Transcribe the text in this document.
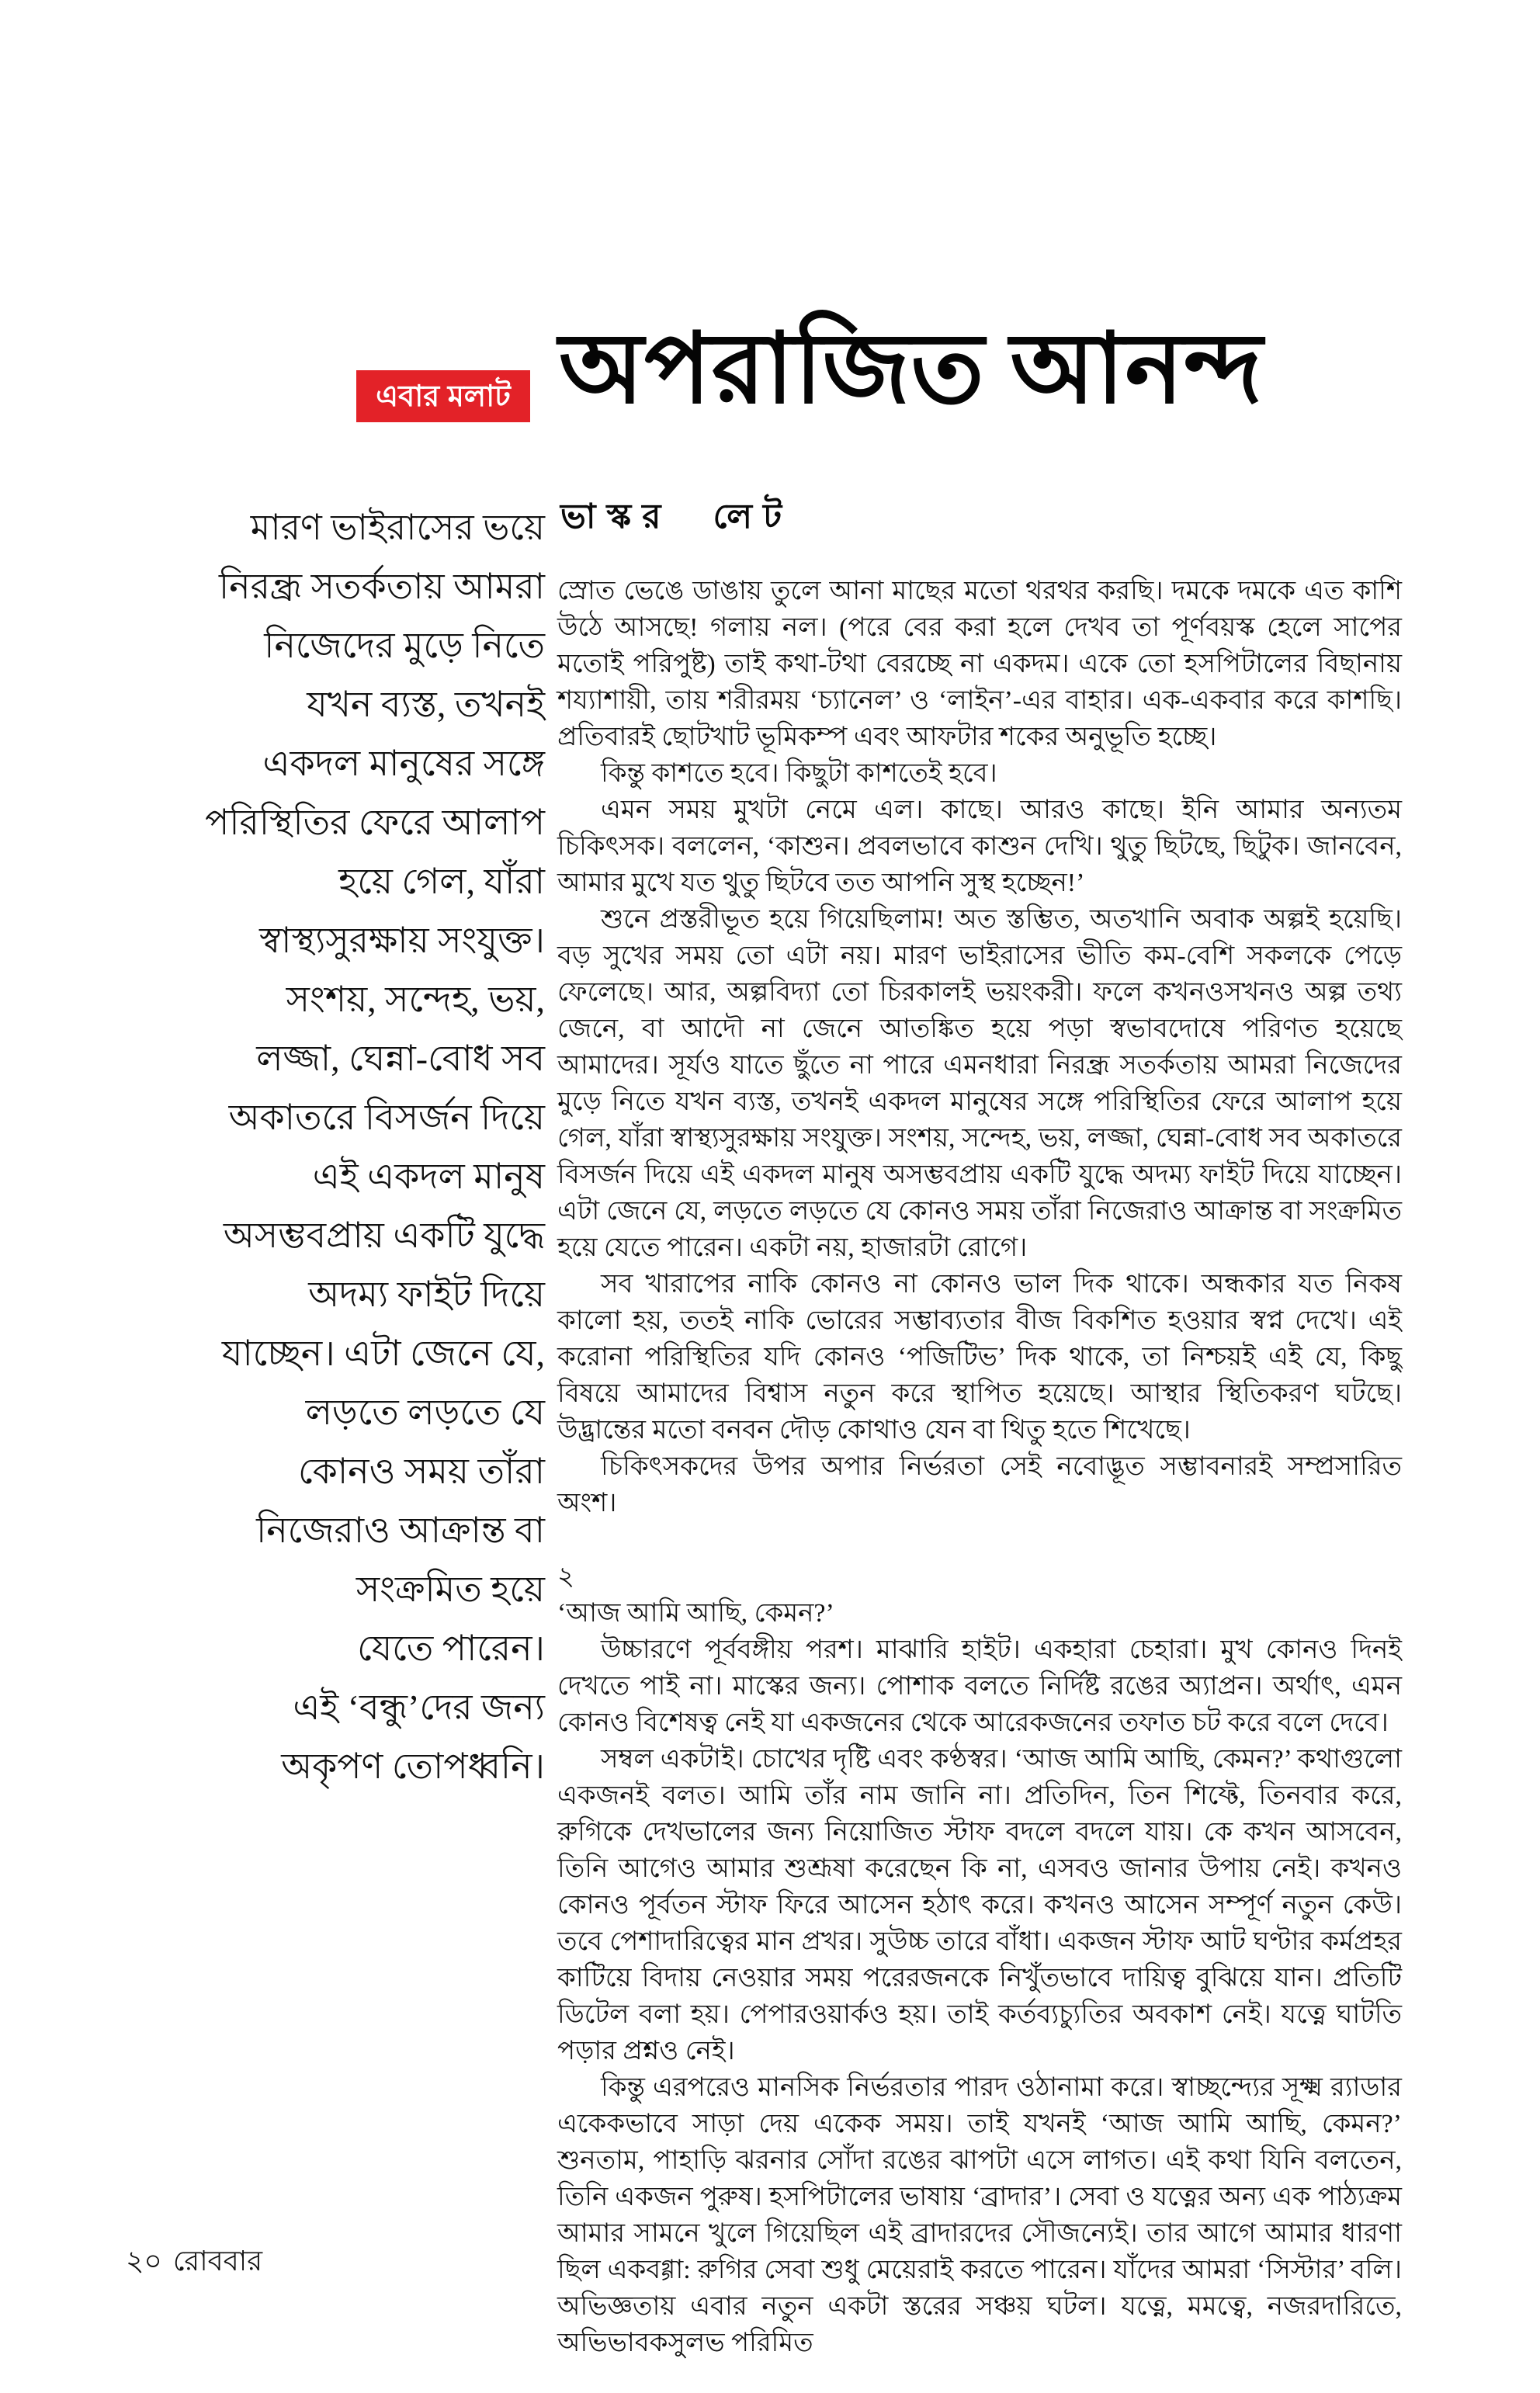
এবার মলাট অপরাজিত আনন্দ
ভাস্কর লেট
মারণ ভাইরাসের ভয়ে
নিরন্ধ্র সতর্কতায় আমরা
নিজেদের মুড়ে নিতে
যখন ব্যস্ত, তখনই
একদল মানুষের সঙ্গে
পরিস্থিতির ফেরে আলাপ
হয়ে গেল, যাঁরা
স্বাস্থ্যসুরক্ষায় সংযুক্ত।
সংশয়, সন্দেহ, ভয়,
লজ্জা, ঘেন্না-বোধ সব
অকাতরে বিসর্জন দিয়ে
এই একদল মানুষ
অসম্ভবপ্রায় একটি যুদ্ধে
অদম্য ফাইট দিয়ে
যাচ্ছেন। এটা জেনে যে,
লড়তে লড়তে যে
কোনও সময় তাঁরা
নিজেরাও আক্রান্ত বা
সংক্রমিত হয়ে
যেতে পারেন।
এই ‘বন্ধু’দের জন্য
অকৃপণ তোপধ্বনি।

স্রোত ভেঙে ডাঙায় তুলে আনা মাছের মতো থরথর করছি। দমকে দমকে এত কাশি উঠে আসছে! গলায় নল। (পরে বের করা হলে দেখব তা পূর্ণবয়স্ক হেলে সাপের মতোই পরিপুষ্ট) তাই কথা-টথা বেরচ্ছে না একদম। একে তো হসপিটালের বিছানায় শয্যাশায়ী, তায় শরীরময় ‘চ্যানেল’ ও ‘লাইন’-এর বাহার। এক-একবার করে কাশছি। প্রতিবারই ছোটখাট ভূমিকম্প এবং আফটার শকের অনুভূতি হচ্ছে।

কিন্তু কাশতে হবে। কিছুটা কাশতেই হবে।

এমন সময় মুখটা নেমে এল। কাছে। আরও কাছে। ইনি আমার অন্যতম চিকিৎসক। বললেন, ‘কাশুন। প্রবলভাবে কাশুন দেখি। থুতু ছিটছে, ছিটুক। জানবেন, আমার মুখে যত থুতু ছিটবে তত আপনি সুস্থ হচ্ছেন!’

শুনে প্রস্তরীভূত হয়ে গিয়েছিলাম! অত স্তম্ভিত, অতখানি অবাক অল্পই হয়েছি। বড় সুখের সময় তো এটা নয়। মারণ ভাইরাসের ভীতি কম-বেশি সকলকে পেড়ে ফেলেছে। আর, অল্পবিদ্যা তো চিরকালই ভয়ংকরী। ফলে কখনওসখনও অল্প তথ্য জেনে, বা আদৌ না জেনে আতঙ্কিত হয়ে পড়া স্বভাবদোষে পরিণত হয়েছে আমাদের। সূর্যও যাতে ছুঁতে না পারে এমনধারা নিরন্ধ্র সতর্কতায় আমরা নিজেদের মুড়ে নিতে যখন ব্যস্ত, তখনই একদল মানুষের সঙ্গে পরিস্থিতির ফেরে আলাপ হয়ে গেল, যাঁরা স্বাস্থ্যসুরক্ষায় সংযুক্ত। সংশয়, সন্দেহ, ভয়, লজ্জা, ঘেন্না-বোধ সব অকাতরে বিসর্জন দিয়ে এই একদল মানুষ অসম্ভবপ্রায় একটি যুদ্ধে অদম্য ফাইট দিয়ে যাচ্ছেন। এটা জেনে যে, লড়তে লড়তে যে কোনও সময় তাঁরা নিজেরাও আক্রান্ত বা সংক্রমিত হয়ে যেতে পারেন। একটা নয়, হাজারটা রোগে।

সব খারাপের নাকি কোনও না কোনও ভাল দিক থাকে। অন্ধকার যত নিকষ কালো হয়, ততই নাকি ভোরের সম্ভাব্যতার বীজ বিকশিত হওয়ার স্বপ্ন দেখে। এই করোনা পরিস্থিতির যদি কোনও ‘পজিটিভ’ দিক থাকে, তা নিশ্চয়ই এই যে, কিছু বিষয়ে আমাদের বিশ্বাস নতুন করে স্থাপিত হয়েছে। আস্থার স্থিতিকরণ ঘটছে। উদ্ভ্রান্তের মতো বনবন দৌড় কোথাও যেন বা থিতু হতে শিখেছে।

চিকিৎসকদের উপর অপার নির্ভরতা সেই নবোদ্ভূত সম্ভাবনারই সম্প্রসারিত অংশ।

২

‘আজ আমি আছি, কেমন?’

উচ্চারণে পূর্ববঙ্গীয় পরশ। মাঝারি হাইট। একহারা চেহারা। মুখ কোনও দিনই দেখতে পাই না। মাস্কের জন্য। পোশাক বলতে নির্দিষ্ট রঙের অ্যাপ্রন। অর্থাৎ, এমন কোনও বিশেষত্ব নেই যা একজনের থেকে আরেকজনের তফাত চট করে বলে দেবে।

সম্বল একটাই। চোখের দৃষ্টি এবং কণ্ঠস্বর। ‘আজ আমি আছি, কেমন?’ কথাগুলো একজনই বলত। আমি তাঁর নাম জানি না। প্রতিদিন, তিন শিফ্টে, তিনবার করে, রুগিকে দেখভালের জন্য নিয়োজিত স্টাফ বদলে বদলে যায়। কে কখন আসবেন, তিনি আগেও আমার শুশ্রূষা করেছেন কি না, এসবও জানার উপায় নেই। কখনও কোনও পূর্বতন স্টাফ ফিরে আসেন হঠাৎ করে। কখনও আসেন সম্পূর্ণ নতুন কেউ। তবে পেশাদারিত্বের মান প্রখর। সুউচ্চ তারে বাঁধা। একজন স্টাফ আট ঘণ্টার কর্মপ্রহর কাটিয়ে বিদায় নেওয়ার সময় পরেরজনকে নিখুঁতভাবে দায়িত্ব বুঝিয়ে যান। প্রতিটি ডিটেল বলা হয়। পেপারওয়ার্কও হয়। তাই কর্তব্যচ্যুতির অবকাশ নেই। যত্নে ঘাটতি পড়ার প্রশ্নও নেই।

কিন্তু এরপরেও মানসিক নির্ভরতার পারদ ওঠানামা করে। স্বাচ্ছন্দ্যের সূক্ষ্ম র‍্যাডার একেকভাবে সাড়া দেয় একেক সময়। তাই যখনই ‘আজ আমি আছি, কেমন?’ শুনতাম, পাহাড়ি ঝরনার সোঁদা রঙের ঝাপটা এসে লাগত। এই কথা যিনি বলতেন, তিনি একজন পুরুষ। হসপিটালের ভাষায় ‘ব্রাদার’। সেবা ও যত্নের অন্য এক পাঠ্যক্রম আমার সামনে খুলে গিয়েছিল এই ব্রাদারদের সৌজন্যেই। তার আগে আমার ধারণা ছিল একবগ্গা: রুগির সেবা শুধু মেয়েরাই করতে পারেন। যাঁদের আমরা ‘সিস্টার’ বলি। অভিজ্ঞতায় এবার নতুন একটা স্তরের সঞ্চয় ঘটল। যত্নে, মমত্বে, নজরদারিতে, অভিভাবকসুলভ পরিমিত

২০ রোববার
